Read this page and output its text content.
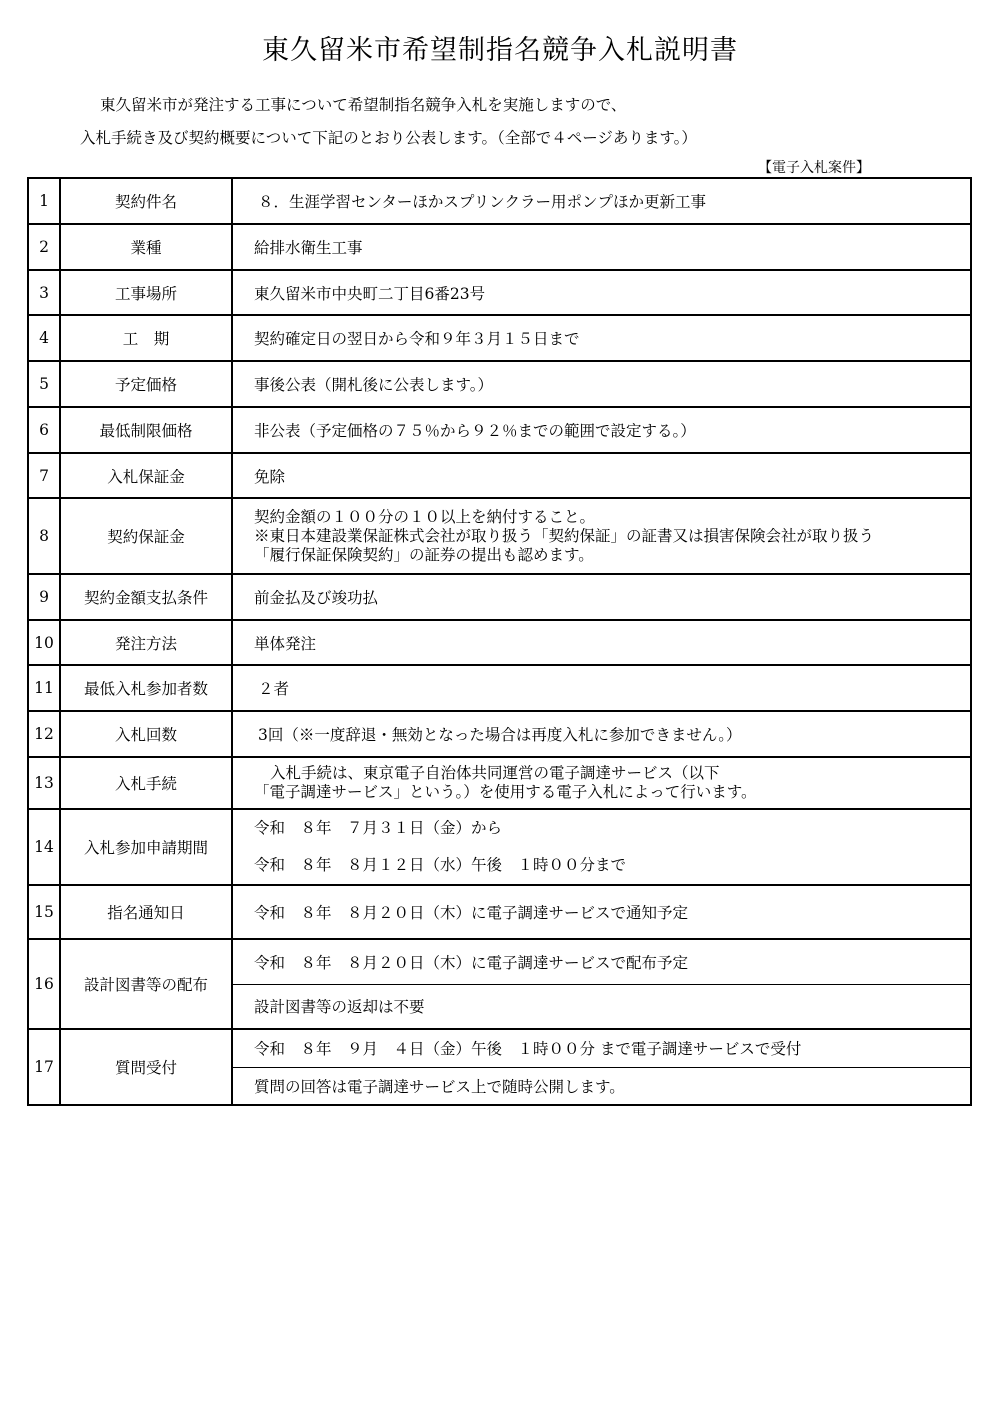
東久留米市希望制指名競争入札説明書
東久留米市が発注する工事について希望制指名競争入札を実施しますので、
入札手続き及び契約概要について下記のとおり公表します。（全部で４ページあります。）
【電子入札案件】
1	契約件名	８．生涯学習センターほかスプリンクラー用ポンプほか更新工事
2	業種	給排水衛生工事
3	工事場所	東久留米市中央町二丁目6番23号
4	工　期	契約確定日の翌日から令和９年３月１５日まで
5	予定価格	事後公表（開札後に公表します。）
6	最低制限価格	非公表（予定価格の７５％から９２％までの範囲で設定する。）
7	入札保証金	免除
8	契約保証金	契約金額の１００分の１０以上を納付すること。
※東日本建設業保証株式会社が取り扱う「契約保証」の証書又は損害保険会社が取り扱う
「履行保証保険契約」の証券の提出も認めます。

9	契約金額支払条件	前金払及び竣功払
10	発注方法	単体発注
11	最低入札参加者数	２者
12	入札回数	3回（※一度辞退・無効となった場合は再度入札に参加できません。）
13	入札手続	入札手続は、東京電子自治体共同運営の電子調達サービス（以下
「電子調達サービス」という。）を使用する電子入札によって行います。

14	入札参加申請期間	令和　８年　７月３１日（金）から
令和　８年　８月１２日（水）午後　１時００分まで

15	指名通知日	令和　８年　８月２０日（木）に電子調達サービスで通知予定
16	設計図書等の配布	令和　８年　８月２０日（木）に電子調達サービスで配布予定
		設計図書等の返却は不要
17	質問受付	令和　８年　９月　４日（金）午後　１時００分 まで電子調達サービスで受付
		質問の回答は電子調達サービス上で随時公開します。
